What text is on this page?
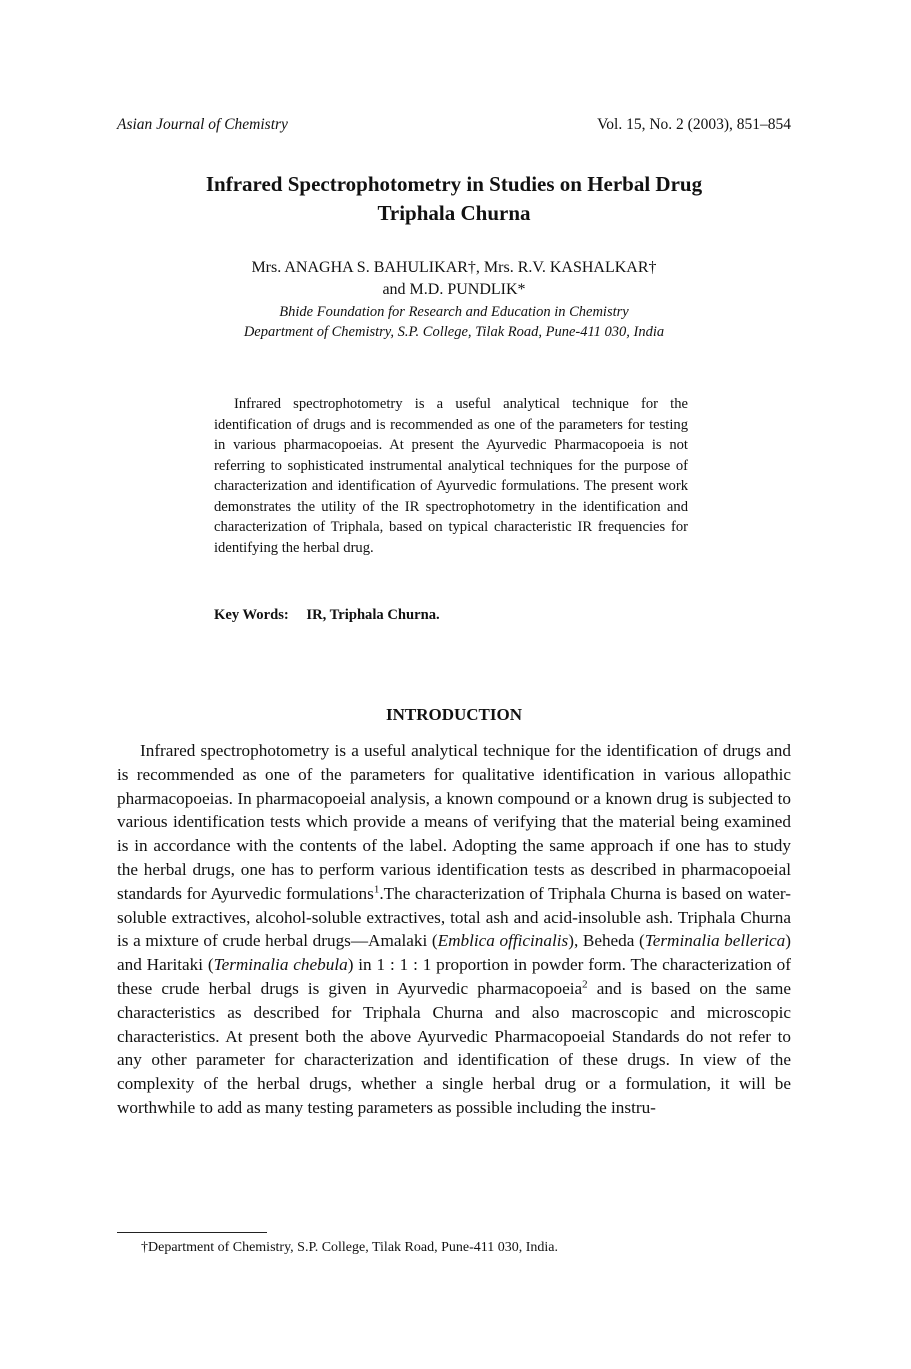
Asian Journal of Chemistry	Vol. 15, No. 2 (2003), 851–854
Infrared Spectrophotometry in Studies on Herbal Drug
Triphala Churna
Mrs. ANAGHA S. BAHULIKAR†, Mrs. R.V. KASHALKAR†
and M.D. PUNDLIK*
Bhide Foundation for Research and Education in Chemistry
Department of Chemistry, S.P. College, Tilak Road, Pune-411 030, India

Infrared spectrophotometry is a useful analytical technique for the identification of drugs and is recommended as one of the parameters for testing in various pharmacopoeias. At present the Ayurvedic Pharmacopoeia is not referring to sophisticated instrumental analytical techniques for the purpose of characterization and identification of Ayurvedic formulations. The present work demonstrates the utility of the IR spectrophotometry in the identification and characterization of Triphala, based on typical characteristic IR frequencies for identifying the herbal drug.

Key Words: IR, Triphala Churna.
INTRODUCTION

Infrared spectrophotometry is a useful analytical technique for the identification of drugs and is recommended as one of the parameters for qualitative identification in various allopathic pharmacopoeias. In pharmacopoeial analysis, a known compound or a known drug is subjected to various identification tests which provide a means of verifying that the material being examined is in accordance with the contents of the label. Adopting the same approach if one has to study the herbal drugs, one has to perform various identification tests as described in pharmacopoeial standards for Ayurvedic formulations$^1$.The characterization of Triphala Churna is based on water-soluble extractives, alcohol-soluble extractives, total ash and acid-insoluble ash. Triphala Churna is a mixture of crude herbal drugs—Amalaki (Emblica officinalis), Beheda (Terminalia bellerica) and Haritaki (Terminalia chebula) in 1 : 1 : 1 proportion in powder form. The characterization of these crude herbal drugs is given in Ayurvedic pharmacopoeia$^2$ and is based on the same characteristics as described for Triphala Churna and also macroscopic and microscopic characteristics. At present both the above Ayurvedic Pharmacopoeial Standards do not refer to any other parameter for characterization and identification of these drugs. In view of the complexity of the herbal drugs, whether a single herbal drug or a formulation, it will be worthwhile to add as many testing parameters as possible including the instru-

†Department of Chemistry, S.P. College, Tilak Road, Pune-411 030, India.
